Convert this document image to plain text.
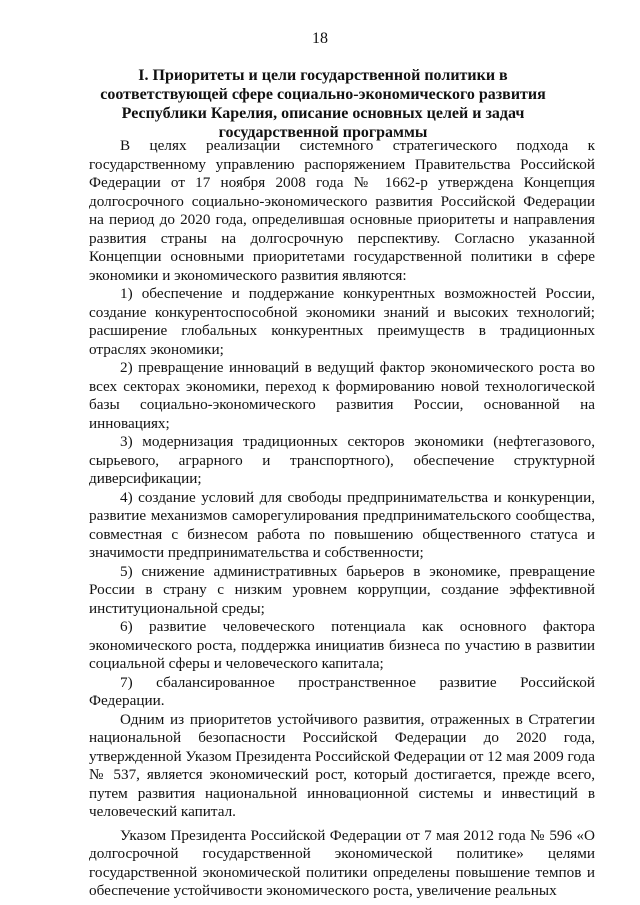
18
I. Приоритеты и цели государственной политики в соответствующей сфере социально-экономического развития Республики Карелия, описание основных целей и задач государственной программы

В целях реализации системного стратегического подхода к государственному управлению распоряжением Правительства Российской Федерации от 17 ноября 2008 года № 1662-р утверждена Концепция долгосрочного социально-экономического развития Российской Федерации на период до 2020 года, определившая основные приоритеты и направления развития страны на долгосрочную перспективу. Согласно указанной Концепции основными приоритетами государственной политики в сфере экономики и экономического развития являются:

1) обеспечение и поддержание конкурентных возможностей России, создание конкурентоспособной экономики знаний и высоких технологий; расширение глобальных конкурентных преимуществ в традиционных отраслях экономики;

2) превращение инноваций в ведущий фактор экономического роста во всех секторах экономики, переход к формированию новой технологической базы социально-экономического развития России, основанной на инновациях;

3) модернизация традиционных секторов экономики (нефтегазового, сырьевого, аграрного и транспортного), обеспечение структурной диверсификации;

4) создание условий для свободы предпринимательства и конкуренции, развитие механизмов саморегулирования предпринимательского сообщества, совместная с бизнесом работа по повышению общественного статуса и значимости предпринимательства и собственности;

5) снижение административных барьеров в экономике, превращение России в страну с низким уровнем коррупции, создание эффективной институциональной среды;

6) развитие человеческого потенциала как основного фактора экономического роста, поддержка инициатив бизнеса по участию в развитии социальной сферы и человеческого капитала;

7) сбалансированное пространственное развитие Российской Федерации.

Одним из приоритетов устойчивого развития, отраженных в Стратегии национальной безопасности Российской Федерации до 2020 года, утвержденной Указом Президента Российской Федерации от 12 мая 2009 года № 537, является экономический рост, который достигается, прежде всего, путем развития национальной инновационной системы и инвестиций в человеческий капитал.

Указом Президента Российской Федерации от 7 мая 2012 года № 596 «О долгосрочной государственной экономической политике» целями государственной экономической политики определены повышение темпов и обеспечение устойчивости экономического роста, увеличение реальных
